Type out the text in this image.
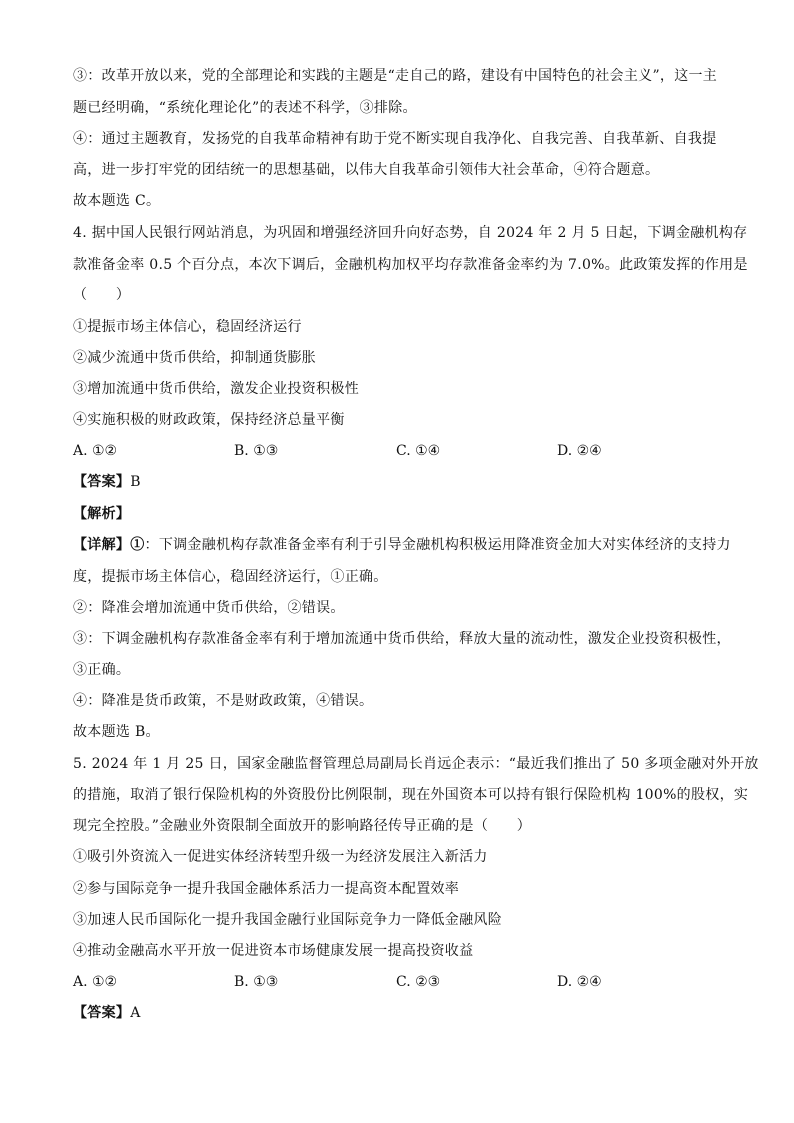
③：改革开放以来，党的全部理论和实践的主题是“走自己的路，建设有中国特色的社会主义”，这一主
题已经明确，“系统化理论化”的表述不科学，③排除。
④：通过主题教育，发扬党的自我革命精神有助于党不断实现自我净化、自我完善、自我革新、自我提
高，进一步打牢党的团结统一的思想基础，以伟大自我革命引领伟大社会革命，④符合题意。
故本题选 C。
4. 据中国人民银行网站消息，为巩固和增强经济回升向好态势，自 2024 年 2 月 5 日起，下调金融机构存
款准备金率 0.5 个百分点，本次下调后，金融机构加权平均存款准备金率约为 7.0%。此政策发挥的作用是
（　　）
①提振市场主体信心，稳固经济运行
②减少流通中货币供给，抑制通货膨胀
③增加流通中货币供给，激发企业投资积极性
④实施积极的财政政策，保持经济总量平衡
A. ①②	B. ①③	C. ①④	D. ②④
【答案】B
【解析】
【详解】①：下调金融机构存款准备金率有利于引导金融机构积极运用降准资金加大对实体经济的支持力
度，提振市场主体信心，稳固经济运行，①正确。
②：降准会增加流通中货币供给，②错误。
③：下调金融机构存款准备金率有利于增加流通中货币供给，释放大量的流动性，激发企业投资积极性，
③正确。
④：降准是货币政策，不是财政政策，④错误。
故本题选 B。
5. 2024 年 1 月 25 日，国家金融监督管理总局副局长肖远企表示：“最近我们推出了 50 多项金融对外开放
的措施，取消了银行保险机构的外资股份比例限制，现在外国资本可以持有银行保险机构 100%的股权，实
现完全控股。”金融业外资限制全面放开的影响路径传导正确的是（　　）
①吸引外资流入一促进实体经济转型升级一为经济发展注入新活力
②参与国际竞争一提升我国金融体系活力一提高资本配置效率
③加速人民币国际化一提升我国金融行业国际竞争力一降低金融风险
④推动金融高水平开放一促进资本市场健康发展一提高投资收益
A. ①②	B. ①③	C. ②③	D. ②④
【答案】A
